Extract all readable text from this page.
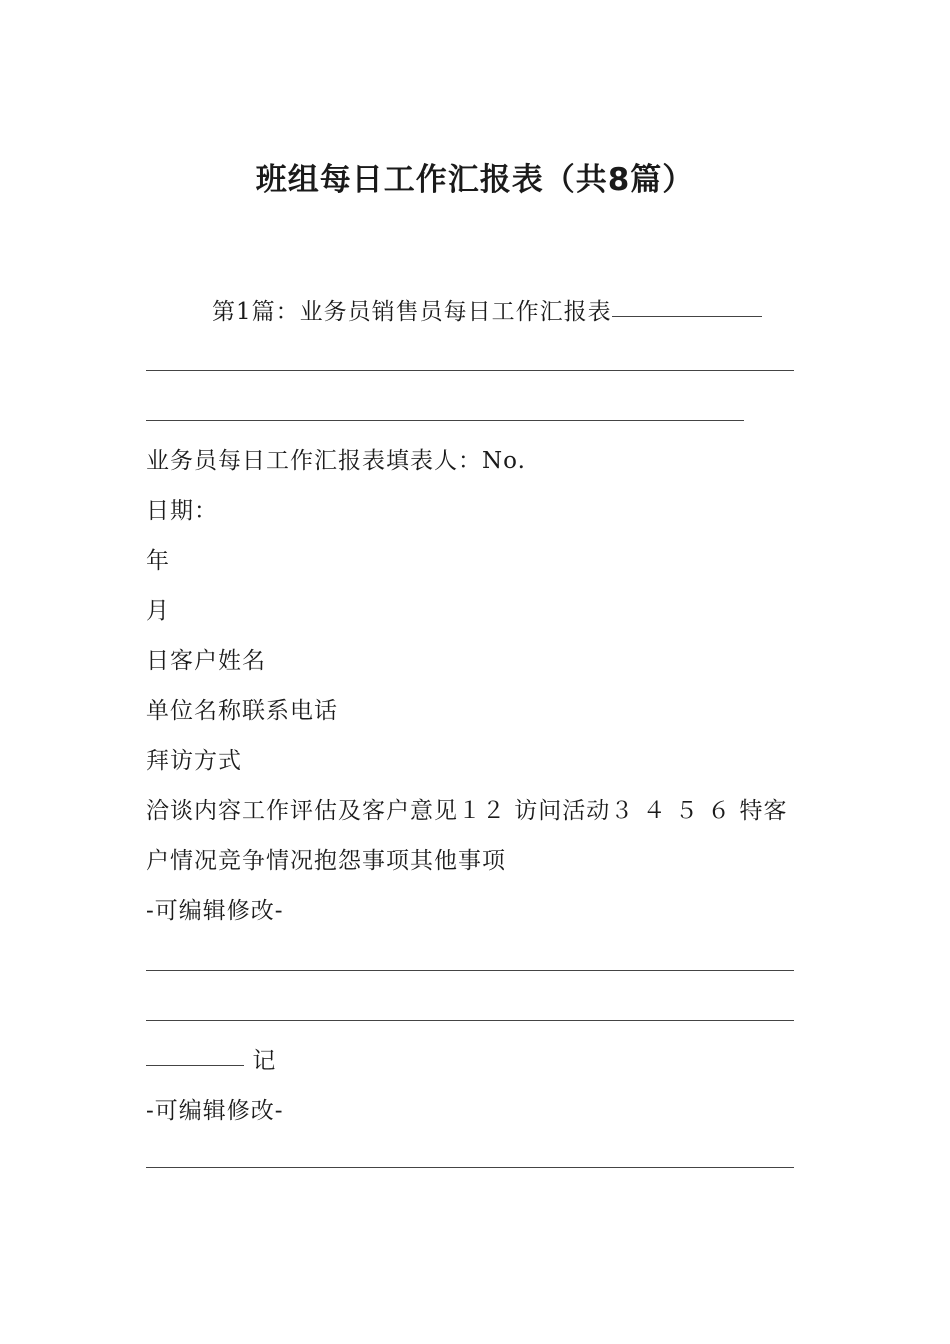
班组每日工作汇报表（共8篇）
第1篇：业务员销售员每日工作汇报表
业务员每日工作汇报表填表人：No.
日期：
年
月
日客户姓名
单位名称联系电话
拜访方式
洽谈内容工作评估及客户意见１２ 访问活动３ ４ ５ ６ 特客
户情况竞争情况抱怨事项其他事项
-可编辑修改-
记
-可编辑修改-
